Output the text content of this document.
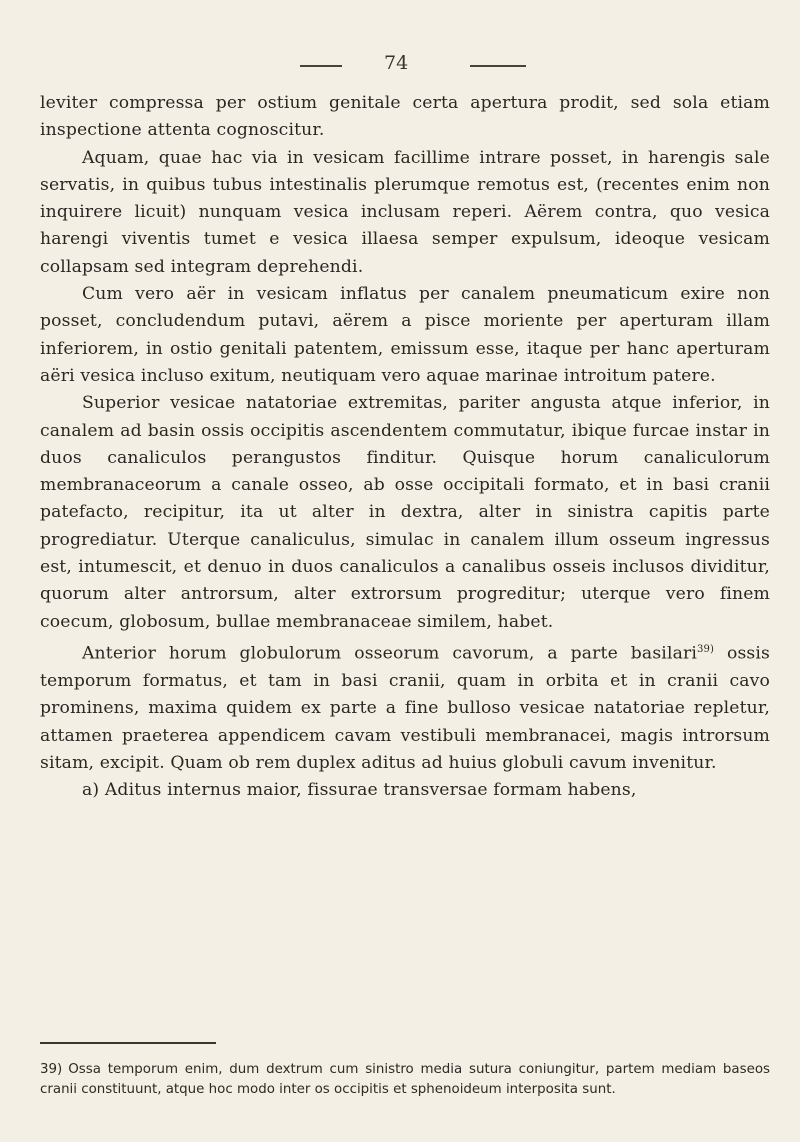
74

leviter compressa per ostium genitale certa apertura prodit, sed sola etiam inspectione attenta cognoscitur.

Aquam, quae hac via in vesicam facillime intrare posset, in harengis sale servatis, in quibus tubus intestinalis plerumque remotus est, (recentes enim non inquirere licuit) nunquam vesica inclusam reperi. Aërem contra, quo vesica harengi viventis tumet e vesica illaesa semper expulsum, ideoque vesicam collapsam sed integram deprehendi.

Cum vero aër in vesicam inflatus per canalem pneumaticum exire non posset, concludendum putavi, aërem a pisce moriente per aperturam illam inferiorem, in ostio genitali patentem, emissum esse, itaque per hanc aperturam aëri vesica incluso exitum, neutiquam vero aquae marinae introitum patere.

Superior vesicae natatoriae extremitas, pariter angusta atque inferior, in canalem ad basin ossis occipitis ascendentem commutatur, ibique furcae instar in duos canaliculos perangustos finditur. Quisque horum canaliculorum membranaceorum a canale osseo, ab osse occipitali formato, et in basi cranii patefacto, recipitur, ita ut alter in dextra, alter in sinistra capitis parte progrediatur. Uterque canaliculus, simulac in canalem illum osseum ingressus est, intumescit, et denuo in duos canaliculos a canalibus osseis inclusos dividitur, quorum alter antrorsum, alter extrorsum progreditur; uterque vero finem coecum, globosum, bullae membranaceae similem, habet.

Anterior horum globulorum osseorum cavorum, a parte basilari$^{39)}$ ossis temporum formatus, et tam in basi cranii, quam in orbita et in cranii cavo prominens, maxima quidem ex parte a fine bulloso vesicae natatoriae repletur, attamen praeterea appendicem cavam vestibuli membranacei, magis introrsum sitam, excipit. Quam ob rem duplex aditus ad huius globuli cavum invenitur.

a) Aditus internus maior, fissurae transversae formam habens,

39) Ossa temporum enim, dum dextrum cum sinistro media sutura coniungitur, partem mediam baseos cranii constituunt, atque hoc modo inter os occipitis et sphenoideum interposita sunt.
